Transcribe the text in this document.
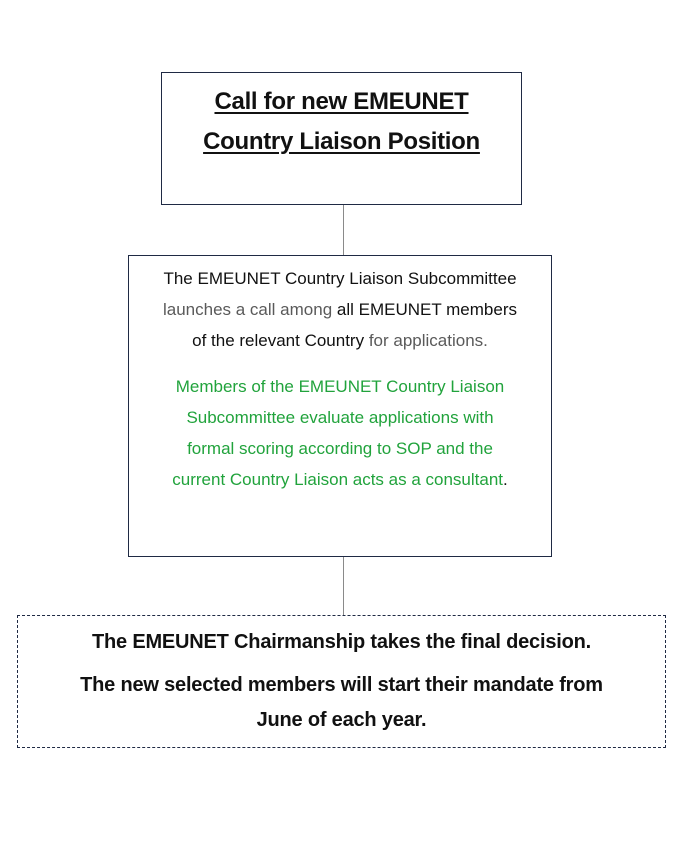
Call for new EMEUNET
Country Liaison Position

The EMEUNET Country Liaison Subcommittee
launches a call among all EMEUNET members
of the relevant Country for applications.

Members of the EMEUNET Country Liaison
Subcommittee evaluate applications with
formal scoring according to SOP and the
current Country Liaison acts as a consultant.

The EMEUNET Chairmanship takes the final decision.
The new selected members will start their mandate from
June of each year.
